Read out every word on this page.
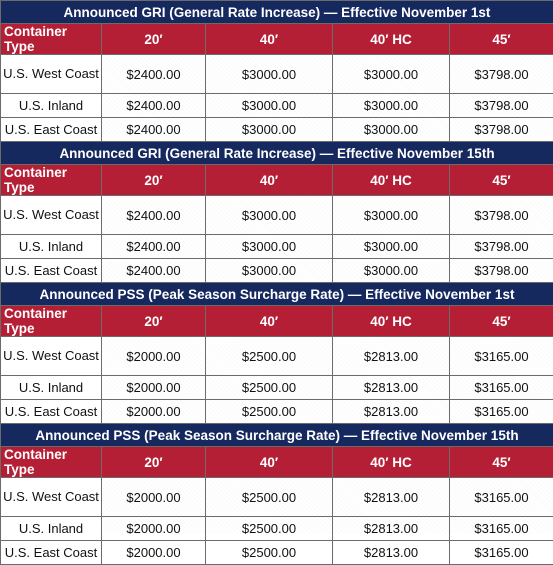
Announced GRI (General Rate Increase) — Effective November 1st				
Container Type	20′	40′	40′ HC	45′
U.S. West Coast	$2400.00	$3000.00	$3000.00	$3798.00
U.S. Inland	$2400.00	$3000.00	$3000.00	$3798.00
U.S. East Coast	$2400.00	$3000.00	$3000.00	$3798.00
Announced GRI (General Rate Increase) — Effective November 15th				
Container Type	20′	40′	40′ HC	45′
U.S. West Coast	$2400.00	$3000.00	$3000.00	$3798.00
U.S. Inland	$2400.00	$3000.00	$3000.00	$3798.00
U.S. East Coast	$2400.00	$3000.00	$3000.00	$3798.00
Announced PSS (Peak Season Surcharge Rate) — Effective November 1st				
Container Type	20′	40′	40′ HC	45′
U.S. West Coast	$2000.00	$2500.00	$2813.00	$3165.00
U.S. Inland	$2000.00	$2500.00	$2813.00	$3165.00
U.S. East Coast	$2000.00	$2500.00	$2813.00	$3165.00
Announced PSS (Peak Season Surcharge Rate) — Effective November 15th				
Container Type	20′	40′	40′ HC	45′
U.S. West Coast	$2000.00	$2500.00	$2813.00	$3165.00
U.S. Inland	$2000.00	$2500.00	$2813.00	$3165.00
U.S. East Coast	$2000.00	$2500.00	$2813.00	$3165.00
